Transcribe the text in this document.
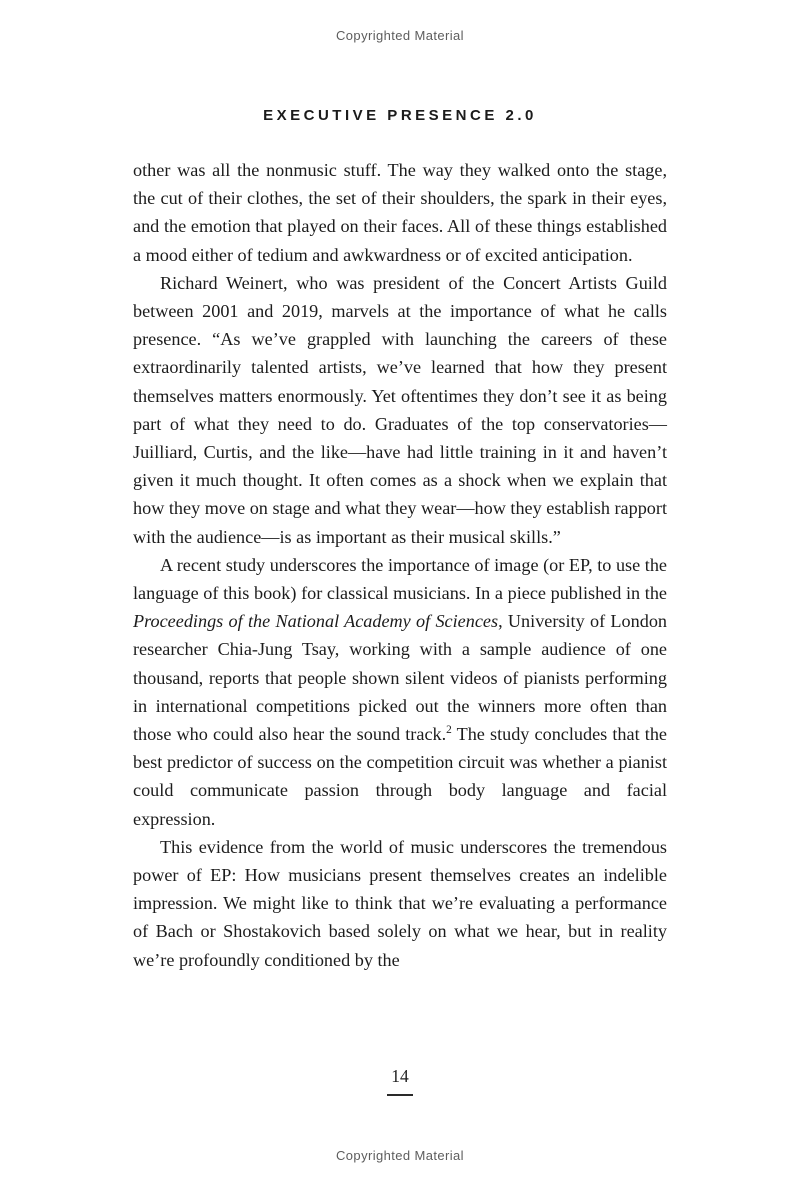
Copyrighted Material
EXECUTIVE PRESENCE 2.0

other was all the nonmusic stuff. The way they walked onto the stage, the cut of their clothes, the set of their shoulders, the spark in their eyes, and the emotion that played on their faces. All of these things established a mood either of tedium and awkwardness or of excited anticipation.

Richard Weinert, who was president of the Concert Artists Guild between 2001 and 2019, marvels at the importance of what he calls presence. “As we’ve grappled with launching the careers of these extraordinarily talented artists, we’ve learned that how they present themselves matters enormously. Yet oftentimes they don’t see it as being part of what they need to do. Graduates of the top conservatories—Juilliard, Curtis, and the like—have had little training in it and haven’t given it much thought. It often comes as a shock when we explain that how they move on stage and what they wear—how they establish rapport with the audience—is as important as their musical skills.”

A recent study underscores the importance of image (or EP, to use the language of this book) for classical musicians. In a piece published in the Proceedings of the National Academy of Sciences, University of London researcher Chia-Jung Tsay, working with a sample audience of one thousand, reports that people shown silent videos of pianists performing in international competitions picked out the winners more often than those who could also hear the sound track.$^2$ The study concludes that the best predictor of success on the competition circuit was whether a pianist could communicate passion through body language and facial expression.

This evidence from the world of music underscores the tremendous power of EP: How musicians present themselves creates an indelible impression. We might like to think that we’re evaluating a performance of Bach or Shostakovich based solely on what we hear, but in reality we’re profoundly conditioned by the

14
Copyrighted Material
